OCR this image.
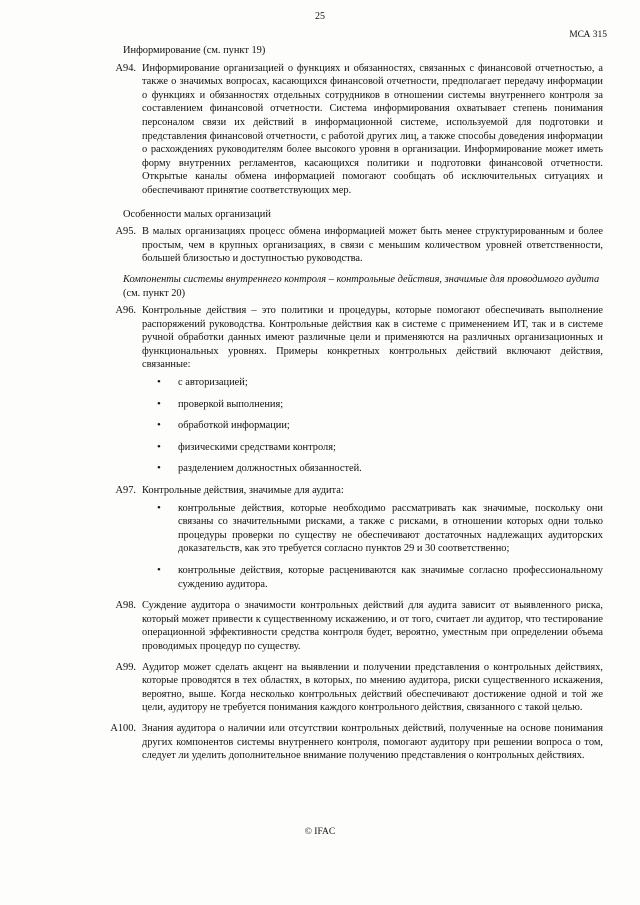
25
МСА 315
Информирование (см. пункт 19)
A94. Информирование организацией о функциях и обязанностях, связанных с финансовой отчетностью, а также о значимых вопросах, касающихся финансовой отчетности, предполагает передачу информации о функциях и обязанностях отдельных сотрудников в отношении системы внутреннего контроля за составлением финансовой отчетности. Система информирования охватывает степень понимания персоналом связи их действий в информационной системе, используемой для подготовки и представления финансовой отчетности, с работой других лиц, а также способы доведения информации о расхождениях руководителям более высокого уровня в организации. Информирование может иметь форму внутренних регламентов, касающихся политики и подготовки финансовой отчетности. Открытые каналы обмена информацией помогают сообщать об исключительных ситуациях и обеспечивают принятие соответствующих мер.
Особенности малых организаций
A95. В малых организациях процесс обмена информацией может быть менее структурированным и более простым, чем в крупных организациях, в связи с меньшим количеством уровней ответственности, большей близостью и доступностью руководства.
Компоненты системы внутреннего контроля – контрольные действия, значимые для проводимого аудита (см. пункт 20)
A96. Контрольные действия – это политики и процедуры, которые помогают обеспечивать выполнение распоряжений руководства. Контрольные действия как в системе с применением ИТ, так и в системе ручной обработки данных имеют различные цели и применяются на различных организационных и функциональных уровнях. Примеры конкретных контрольных действий включают действия, связанные:
•	с авторизацией;
•	проверкой выполнения;
•	обработкой информации;
•	физическими средствами контроля;
•	разделением должностных обязанностей.
A97. Контрольные действия, значимые для аудита:
•	контрольные действия, которые необходимо рассматривать как значимые, поскольку они связаны со значительными рисками, а также с рисками, в отношении которых одни только процедуры проверки по существу не обеспечивают достаточных надлежащих аудиторских доказательств, как это требуется согласно пунктов 29 и 30 соответственно;
•	контрольные действия, которые расцениваются как значимые согласно профессиональному суждению аудитора.
A98. Суждение аудитора о значимости контрольных действий для аудита зависит от выявленного риска, который может привести к существенному искажению, и от того, считает ли аудитор, что тестирование операционной эффективности средства контроля будет, вероятно, уместным при определении объема проводимых процедур по существу.
A99. Аудитор может сделать акцент на выявлении и получении представления о контрольных действиях, которые проводятся в тех областях, в которых, по мнению аудитора, риски существенного искажения, вероятно, выше. Когда несколько контрольных действий обеспечивают достижение одной и той же цели, аудитору не требуется понимания каждого контрольного действия, связанного с такой целью.
A100. Знания аудитора о наличии или отсутствии контрольных действий, полученные на основе понимания других компонентов системы внутреннего контроля, помогают аудитору при решении вопроса о том, следует ли уделить дополнительное внимание получению представления о контрольных действиях.
© IFAC
